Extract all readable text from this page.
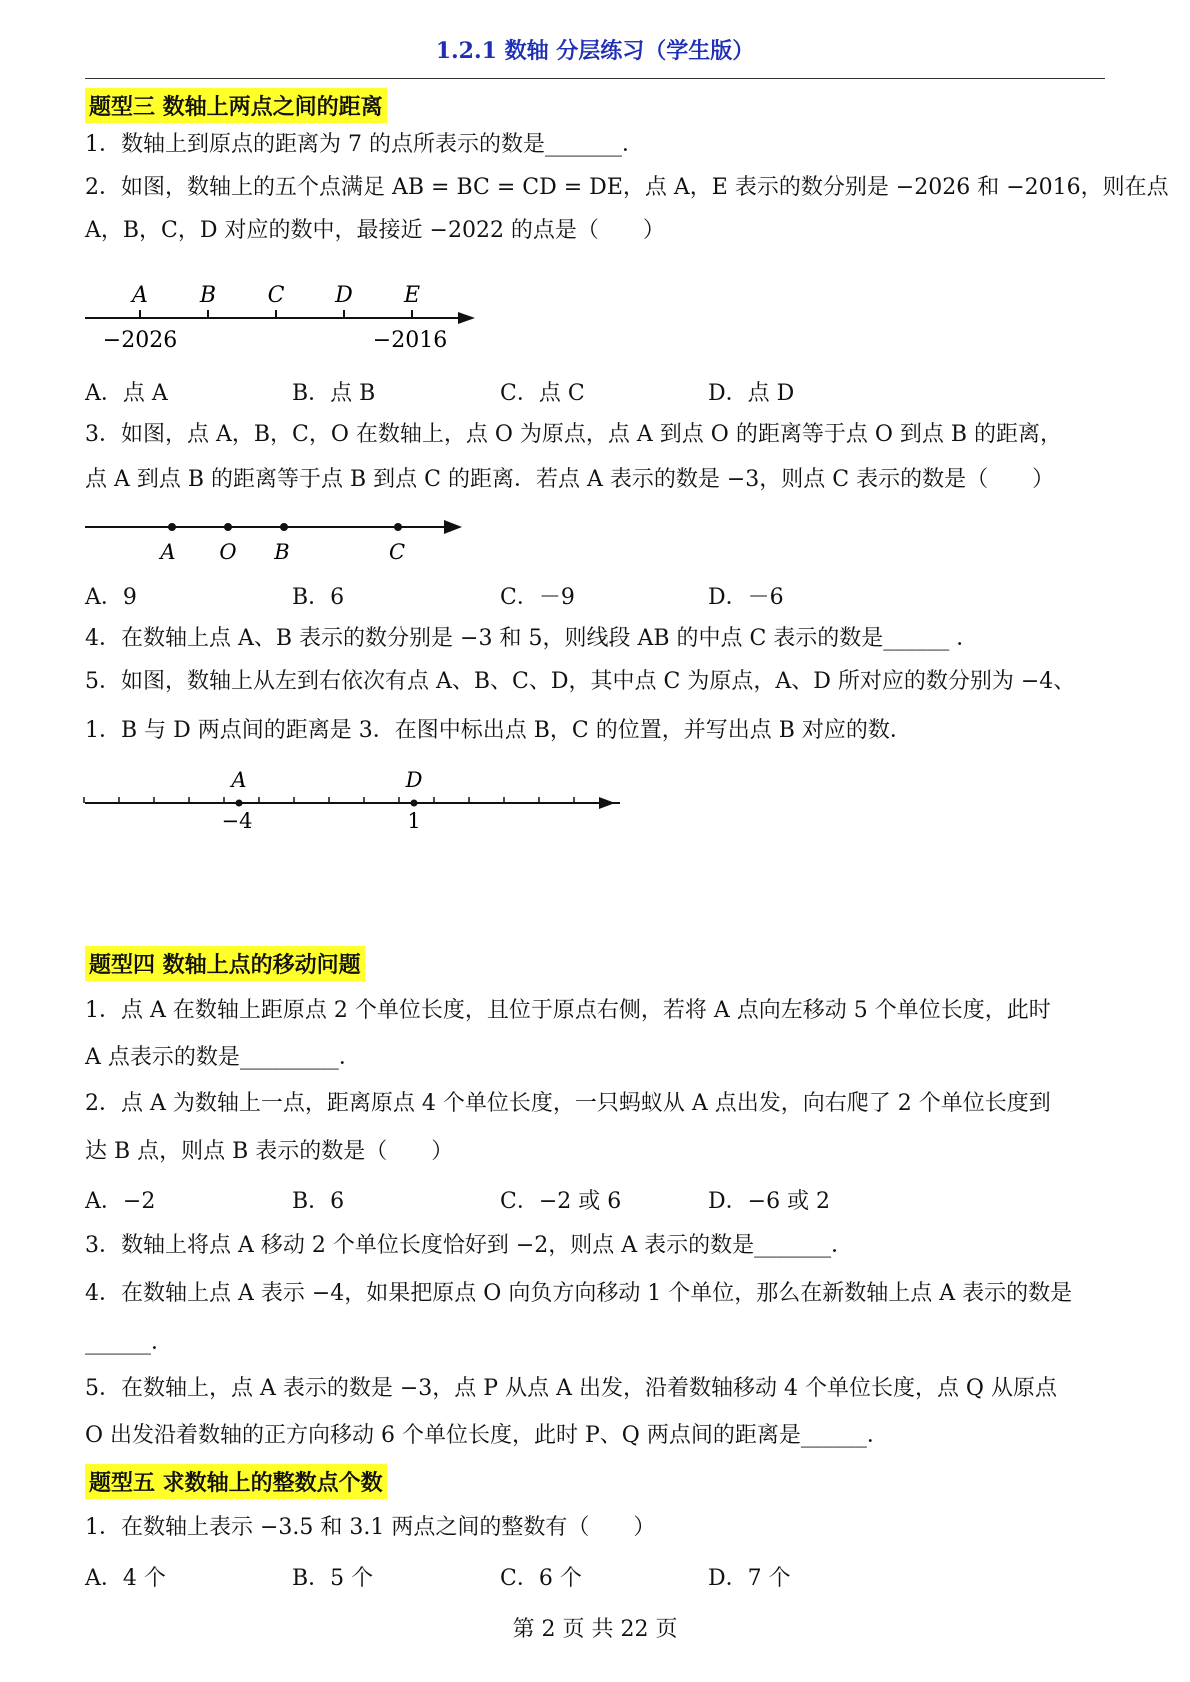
1.2.1 数轴 分层练习（学生版）
题型三 数轴上两点之间的距离
1．数轴上到原点的距离为 7 的点所表示的数是_______．
2．如图，数轴上的五个点满足 AB = BC = CD = DE，点 A，E 表示的数分别是 −2026 和 −2016，则在点
A，B，C，D 对应的数中，最接近 −2022 的点是（　　）
A B C D E
−2026	−2016
A．点 A	B．点 B	C．点 C	D．点 D
3．如图，点 A，B，C，O 在数轴上，点 O 为原点，点 A 到点 O 的距离等于点 O 到点 B 的距离，
点 A 到点 B 的距离等于点 B 到点 C 的距离．若点 A 表示的数是 −3，则点 C 表示的数是（　　）
A O B	C
A．9	B．6	C．－9	D．－6
4．在数轴上点 A、B 表示的数分别是 −3 和 5，则线段 AB 的中点 C 表示的数是______ ．
5．如图，数轴上从左到右依次有点 A、B、C、D，其中点 C 为原点，A、D 所对应的数分别为 −4、
1．B 与 D 两点间的距离是 3．在图中标出点 B，C 的位置，并写出点 B 对应的数．
A	D
−4	1
题型四 数轴上点的移动问题
1．点 A 在数轴上距原点 2 个单位长度，且位于原点右侧，若将 A 点向左移动 5 个单位长度，此时
A 点表示的数是_________．
2．点 A 为数轴上一点，距离原点 4 个单位长度，一只蚂蚁从 A 点出发，向右爬了 2 个单位长度到
达 B 点，则点 B 表示的数是（　　）
A．−2	B．6	C．−2 或 6	D．−6 或 2
3．数轴上将点 A 移动 2 个单位长度恰好到 −2，则点 A 表示的数是_______．
4．在数轴上点 A 表示 −4，如果把原点 O 向负方向移动 1 个单位，那么在新数轴上点 A 表示的数是
______．
5．在数轴上，点 A 表示的数是 −3，点 P 从点 A 出发，沿着数轴移动 4 个单位长度，点 Q 从原点
O 出发沿着数轴的正方向移动 6 个单位长度，此时 P、Q 两点间的距离是______．
题型五 求数轴上的整数点个数
1．在数轴上表示 −3.5 和 3.1 两点之间的整数有（　　）
A．4 个	B．5 个	C．6 个	D．7 个
第 2 页 共 22 页
